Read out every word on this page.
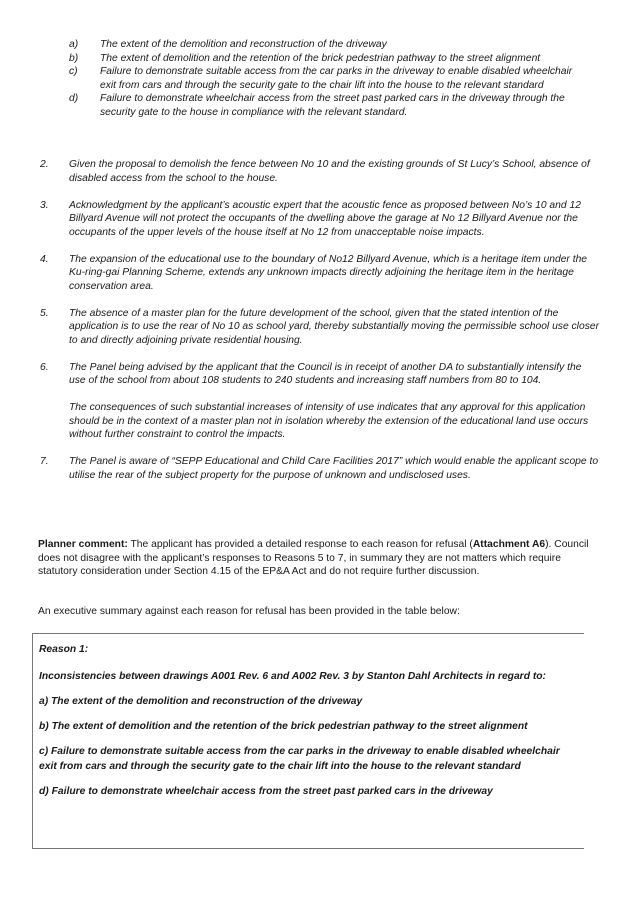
a) The extent of the demolition and reconstruction of the driveway
b) The extent of demolition and the retention of the brick pedestrian pathway to the street alignment
c) Failure to demonstrate suitable access from the car parks in the driveway to enable disabled wheelchair exit from cars and through the security gate to the chair lift into the house to the relevant standard
d) Failure to demonstrate wheelchair access from the street past parked cars in the driveway through the security gate to the house in compliance with the relevant standard.
2. Given the proposal to demolish the fence between No 10 and the existing grounds of St Lucy’s School, absence of disabled access from the school to the house.
3. Acknowledgment by the applicant’s acoustic expert that the acoustic fence as proposed between No’s 10 and 12 Billyard Avenue will not protect the occupants of the dwelling above the garage at No 12 Billyard Avenue nor the occupants of the upper levels of the house itself at No 12 from unacceptable noise impacts.
4. The expansion of the educational use to the boundary of No12 Billyard Avenue, which is a heritage item under the Ku-ring-gai Planning Scheme, extends any unknown impacts directly adjoining the heritage item in the heritage conservation area.
5. The absence of a master plan for the future development of the school, given that the stated intention of the application is to use the rear of No 10 as school yard, thereby substantially moving the permissible school use closer to and directly adjoining private residential housing.
6. The Panel being advised by the applicant that the Council is in receipt of another DA to substantially intensify the use of the school from about 108 students to 240 students and increasing staff numbers from 80 to 104.
The consequences of such substantial increases of intensity of use indicates that any approval for this application should be in the context of a master plan not in isolation whereby the extension of the educational land use occurs without further constraint to control the impacts.
7. The Panel is aware of “SEPP Educational and Child Care Facilities 2017” which would enable the applicant scope to utilise the rear of the subject property for the purpose of unknown and undisclosed uses.
Planner comment: The applicant has provided a detailed response to each reason for refusal (Attachment A6). Council does not disagree with the applicant’s responses to Reasons 5 to 7, in summary they are not matters which require statutory consideration under Section 4.15 of the EP&A Act and do not require further discussion.
An executive summary against each reason for refusal has been provided in the table below:

Reason 1:

Inconsistencies between drawings A001 Rev. 6 and A002 Rev. 3 by Stanton Dahl Architects in regard to:

a) The extent of the demolition and reconstruction of the driveway

b) The extent of demolition and the retention of the brick pedestrian pathway to the street alignment

c) Failure to demonstrate suitable access from the car parks in the driveway to enable disabled wheelchair exit from cars and through the security gate to the chair lift into the house to the relevant standard

d) Failure to demonstrate wheelchair access from the street past parked cars in the driveway
